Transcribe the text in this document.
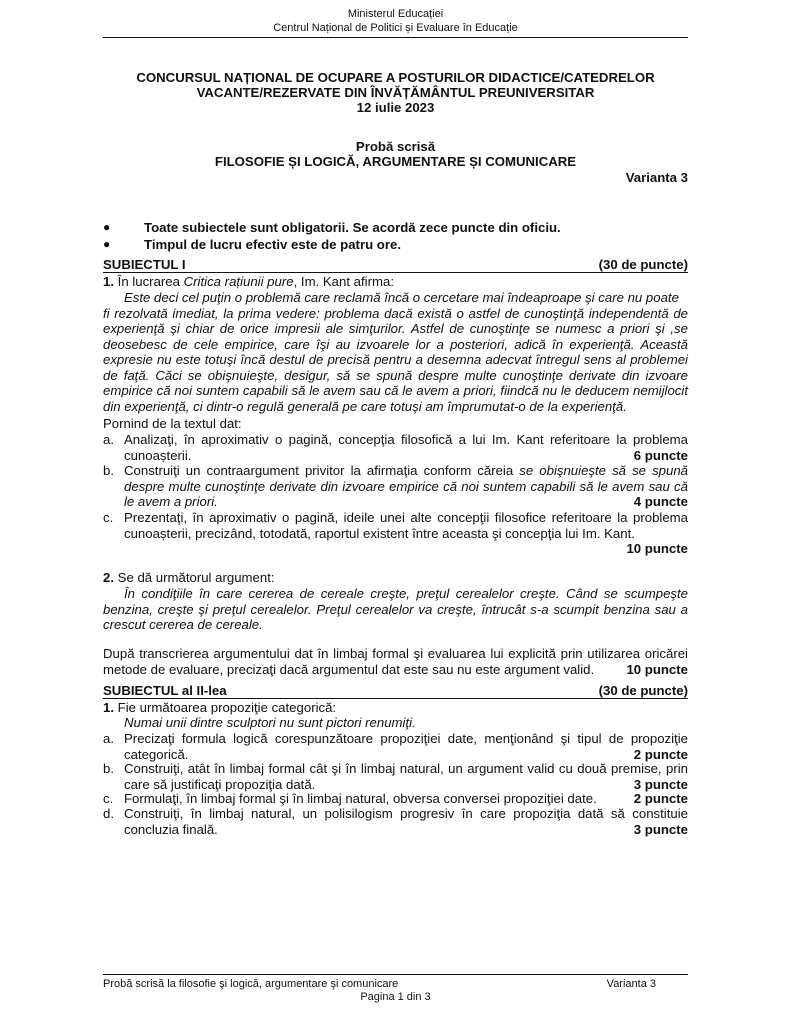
Ministerul Educației
Centrul Național de Politici și Evaluare în Educație
CONCURSUL NAȚIONAL DE OCUPARE A POSTURILOR DIDACTICE/CATEDRELOR
VACANTE/REZERVATE DIN ÎNVĂȚĂMÂNTUL PREUNIVERSITAR
12 iulie 2023
Probă scrisă
FILOSOFIE ȘI LOGICĂ, ARGUMENTARE ȘI COMUNICARE
Varianta 3
●	Toate subiectele sunt obligatorii. Se acordă zece puncte din oficiu.
●	Timpul de lucru efectiv este de patru ore.
SUBIECTUL I	(30 de puncte)
1. În lucrarea Critica rațiunii pure, Im. Kant afirma:
Este deci cel puţin o problemă care reclamă încă o cercetare mai îndeaproape şi care nu poate
fi rezolvată imediat, la prima vedere: problema dacă există o astfel de cunoştinţă independentă de
experienţă şi chiar de orice impresii ale simţurilor. Astfel de cunoştinţe se numesc a priori şi ,se
deosebesc de cele empirice, care îşi au izvoarele lor a posteriori, adică în experienţă. Această
expresie nu este totuşi încă destul de precisă pentru a desemna adecvat întregul sens al problemei
de faţă. Căci se obişnuieşte, desigur, să se spună despre multe cunoştinţe derivate din izvoare
empirice că noi suntem capabili să le avem sau că le avem a priori, fiindcă nu le deducem nemijlocit
din experienţă, ci dintr-o regulă generală pe care totuşi am împrumutat-o de la experienţă.
Pornind de la textul dat:
a. Analizaţi, în aproximativ o pagină, concepţia filosofică a lui Im. Kant referitoare la problema
cunoașterii.	6 puncte
b. Construiţi un contraargument privitor la afirmaţia conform căreia se obişnuieşte să se spună
despre multe cunoştinţe derivate din izvoare empirice că noi suntem capabili să le avem sau că
le avem a priori.	4 puncte
c. Prezentaţi, în aproximativ o pagină, ideile unei alte concepţii filosofice referitoare la problema
cunoașterii, precizând, totodată, raportul existent între aceasta şi concepţia lui Im. Kant.
10 puncte
2. Se dă următorul argument:
În condiţiile în care cererea de cereale creşte, preţul cerealelor creşte. Când se scumpeşte
benzina, creşte şi preţul cerealelor. Preţul cerealelor va creşte, întrucât s-a scumpit benzina sau a
crescut cererea de cereale.
După transcrierea argumentului dat în limbaj formal şi evaluarea lui explicită prin utilizarea oricărei
metode de evaluare, precizaţi dacă argumentul dat este sau nu este argument valid.	10 puncte
SUBIECTUL al II-lea	(30 de puncte)
1. Fie următoarea propoziţie categorică:
Numai unii dintre sculptori nu sunt pictori renumiţi.
a. Precizaţi formula logică corespunzătoare propoziţiei date, menţionând şi tipul de propoziţie
categorică.	2 puncte
b. Construiţi, atât în limbaj formal cât şi în limbaj natural, un argument valid cu două premise, prin
care să justificaţi propoziţia dată.	3 puncte
c. Formulaţi, în limbaj formal şi în limbaj natural, obversa conversei propoziţiei date.	2 puncte
d. Construiţi, în limbaj natural, un polisilogism progresiv în care propoziţia dată să constituie
concluzia finală.	3 puncte
Probă scrisă la filosofie şi logică, argumentare şi comunicare	Varianta 3
Pagina 1 din 3
